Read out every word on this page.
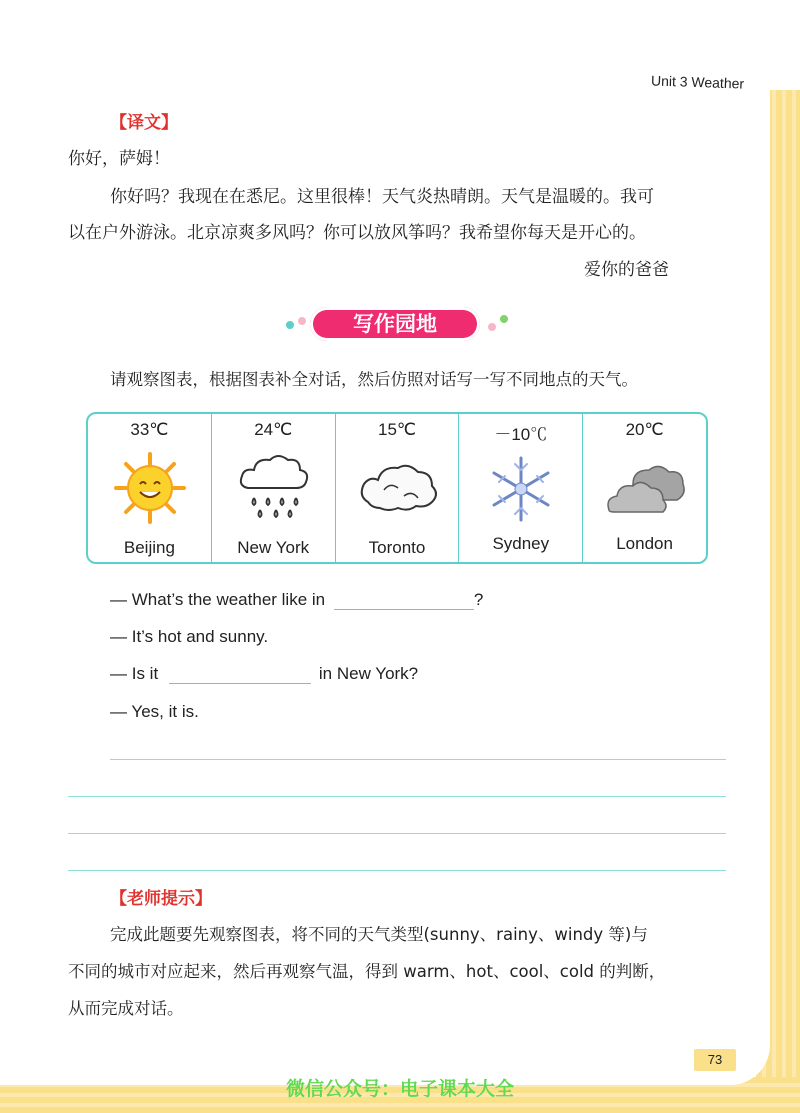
Unit 3 Weather
【译文】
你好，萨姆！
你好吗？我现在在悉尼。这里很棒！天气炎热晴朗。天气是温暖的。我可
以在户外游泳。北京凉爽多风吗？你可以放风筝吗？我希望你每天是开心的。
爱你的爸爸
写作园地
请观察图表，根据图表补全对话，然后仿照对话写一写不同地点的天气。
33℃
Beijing
24℃
New York
15℃
Toronto
－10℃
Sydney
20℃
London
— What’s the weather like in	?
— It’s hot and sunny.
— Is it	in New York?
— Yes, it is.
【老师提示】
完成此题要先观察图表，将不同的天气类型(sunny、rainy、windy 等)与
不同的城市对应起来，然后再观察气温，得到 warm、hot、cool、cold 的判断，
从而完成对话。
73
微信公众号：电子课本大全
